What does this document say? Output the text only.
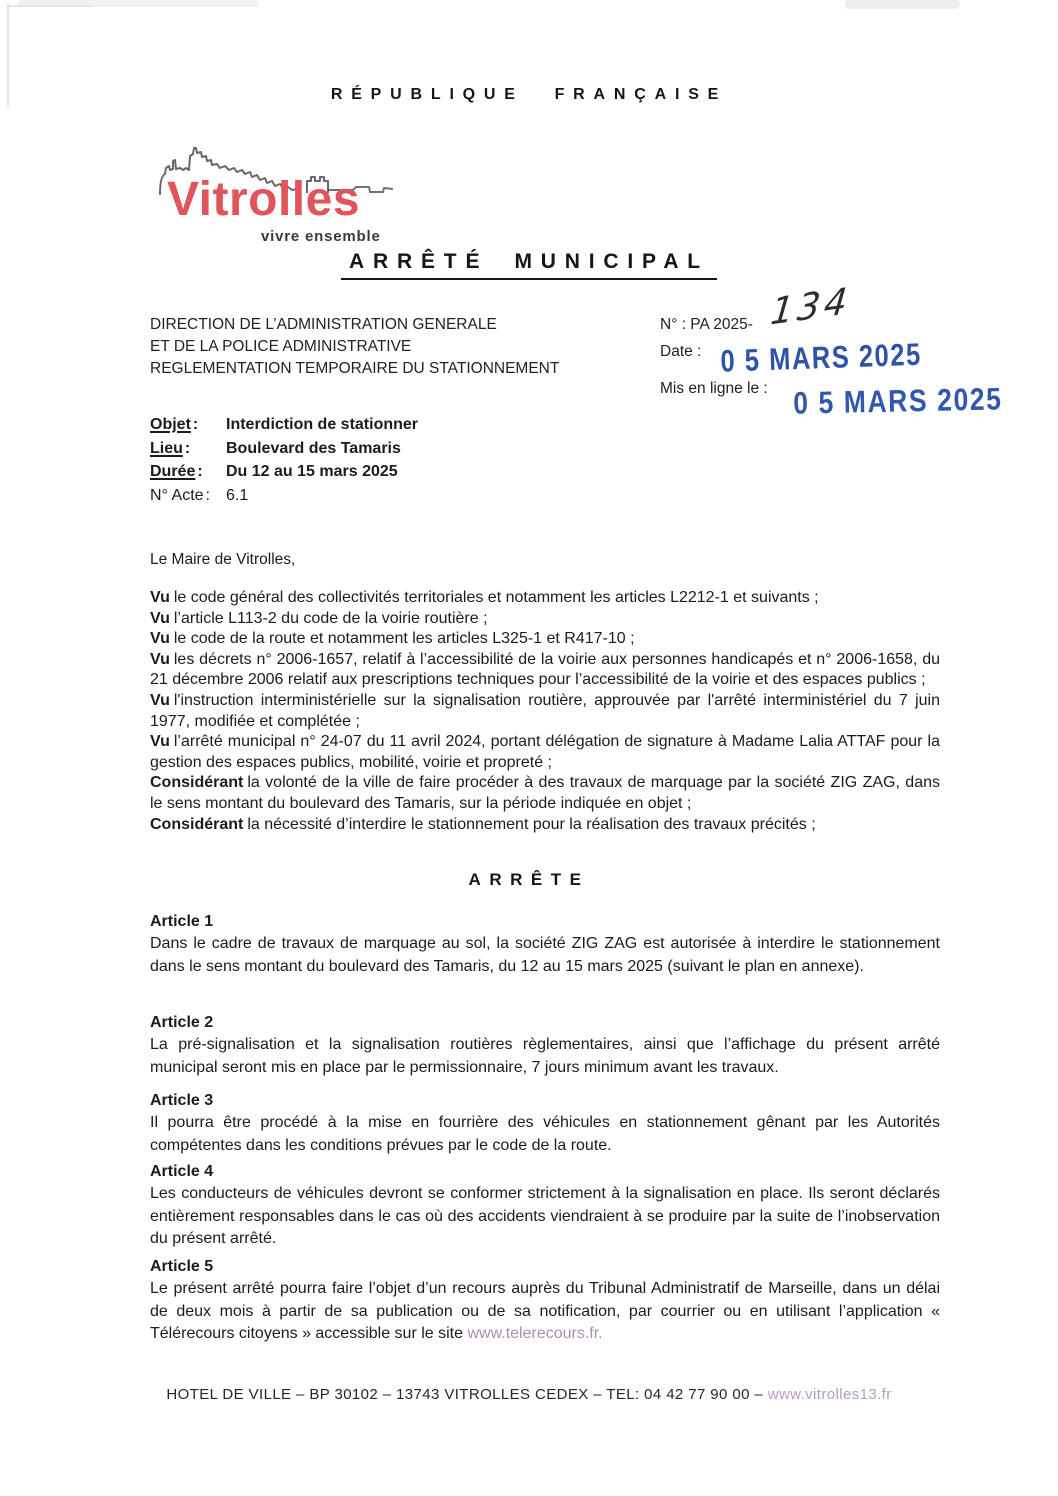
RÉPUBLIQUE FRANÇAISE
Vitrolles
vivre ensemble
ARRÊTÉ MUNICIPAL
DIRECTION DE L’ADMINISTRATION GENERALE
ET DE LA POLICE ADMINISTRATIVE
REGLEMENTATION TEMPORAIRE DU STATIONNEMENT
N° : PA 2025- 134
Date : 0 5 MARS 2025
Mis en ligne le : 0 5 MARS 2025
Objet :	Interdiction de stationner
Lieu :	Boulevard des Tamaris
Durée :	Du 12 au 15 mars 2025
N° Acte :	6.1
Le Maire de Vitrolles,

Vu le code général des collectivités territoriales et notamment les articles L2212-1 et suivants ;

Vu l’article L113-2 du code de la voirie routière ;

Vu le code de la route et notamment les articles L325-1 et R417-10 ;

Vu les décrets n° 2006-1657, relatif à l’accessibilité de la voirie aux personnes handicapés et n° 2006-1658, du 21 décembre 2006 relatif aux prescriptions techniques pour l’accessibilité de la voirie et des espaces publics ;

Vu l'instruction interministérielle sur la signalisation routière, approuvée par l'arrêté interministériel du 7 juin 1977, modifiée et complétée ;

Vu l’arrêté municipal n° 24-07 du 11 avril 2024, portant délégation de signature à Madame Lalia ATTAF pour la gestion des espaces publics, mobilité, voirie et propreté ;

Considérant la volonté de la ville de faire procéder à des travaux de marquage par la société ZIG ZAG, dans le sens montant du boulevard des Tamaris, sur la période indiquée en objet ;

Considérant la nécessité d’interdire le stationnement pour la réalisation des travaux précités ;

ARRÊTE
Article 1

Dans le cadre de travaux de marquage au sol, la société ZIG ZAG est autorisée à interdire le stationnement dans le sens montant du boulevard des Tamaris, du 12 au 15 mars 2025 (suivant le plan en annexe).

Article 2

La pré-signalisation et la signalisation routières règlementaires, ainsi que l’affichage du présent arrêté municipal seront mis en place par le permissionnaire, 7 jours minimum avant les travaux.

Article 3

Il pourra être procédé à la mise en fourrière des véhicules en stationnement gênant par les Autorités compétentes dans les conditions prévues par le code de la route.

Article 4

Les conducteurs de véhicules devront se conformer strictement à la signalisation en place. Ils seront déclarés entièrement responsables dans le cas où des accidents viendraient à se produire par la suite de l’inobservation du présent arrêté.

Article 5

Le présent arrêté pourra faire l’objet d’un recours auprès du Tribunal Administratif de Marseille, dans un délai de deux mois à partir de sa publication ou de sa notification, par courrier ou en utilisant l’application « Télérecours citoyens » accessible sur le site www.telerecours.fr.

HOTEL DE VILLE – BP 30102 – 13743 VITROLLES CEDEX – TEL: 04 42 77 90 00 – www.vitrolles13.fr
